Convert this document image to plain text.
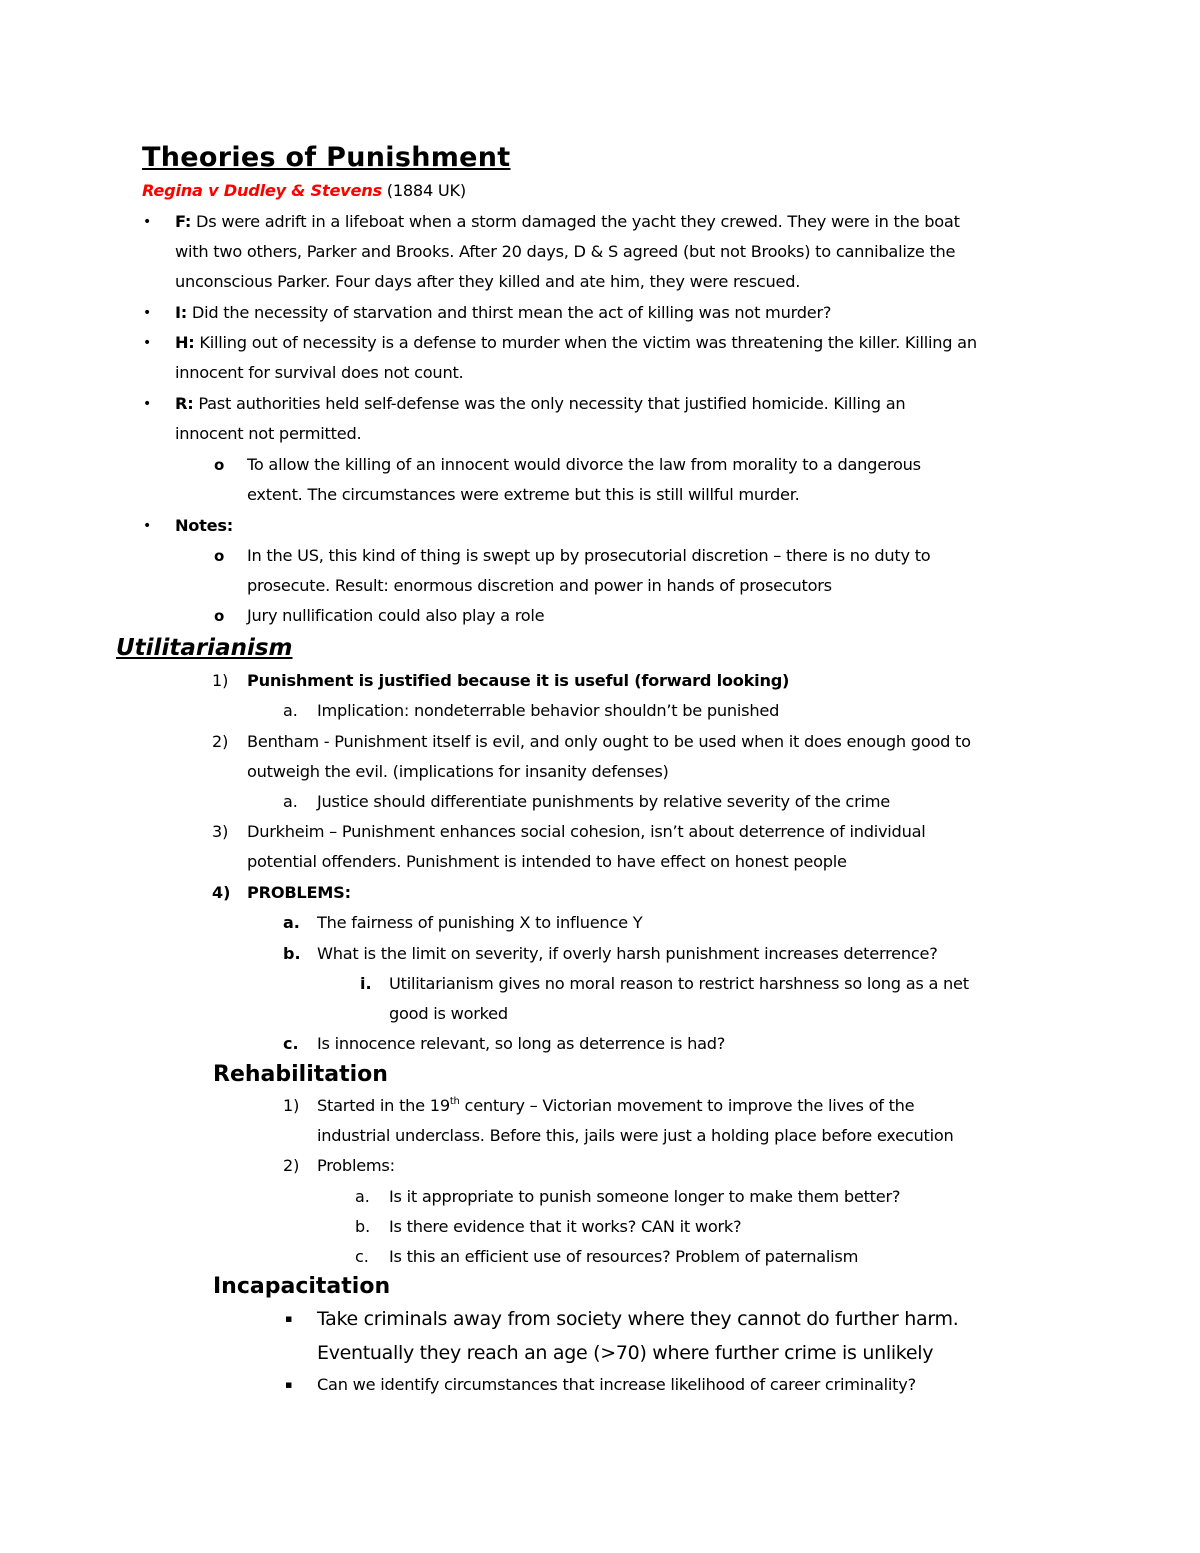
Theories of Punishment
Regina v Dudley & Stevens (1884 UK)
• F: Ds were adrift in a lifeboat when a storm damaged the yacht they crewed. They were in the boat
with two others, Parker and Brooks. After 20 days, D & S agreed (but not Brooks) to cannibalize the
unconscious Parker. Four days after they killed and ate him, they were rescued.
• I: Did the necessity of starvation and thirst mean the act of killing was not murder?
• H: Killing out of necessity is a defense to murder when the victim was threatening the killer. Killing an
innocent for survival does not count.
• R: Past authorities held self-defense was the only necessity that justified homicide. Killing an
innocent not permitted.
o To allow the killing of an innocent would divorce the law from morality to a dangerous
extent. The circumstances were extreme but this is still willful murder.
• Notes:
o In the US, this kind of thing is swept up by prosecutorial discretion – there is no duty to
prosecute. Result: enormous discretion and power in hands of prosecutors
o Jury nullification could also play a role
Utilitarianism
1) Punishment is justified because it is useful (forward looking)
a. Implication: nondeterrable behavior shouldn’t be punished
2) Bentham - Punishment itself is evil, and only ought to be used when it does enough good to
outweigh the evil. (implications for insanity defenses)
a. Justice should differentiate punishments by relative severity of the crime
3) Durkheim – Punishment enhances social cohesion, isn’t about deterrence of individual
potential offenders. Punishment is intended to have effect on honest people
4) PROBLEMS:
a. The fairness of punishing X to influence Y
b. What is the limit on severity, if overly harsh punishment increases deterrence?
i. Utilitarianism gives no moral reason to restrict harshness so long as a net
good is worked
c. Is innocence relevant, so long as deterrence is had?
Rehabilitation
1) Started in the 19th century – Victorian movement to improve the lives of the
industrial underclass. Before this, jails were just a holding place before execution
2) Problems:
a. Is it appropriate to punish someone longer to make them better?
b. Is there evidence that it works? CAN it work?
c. Is this an efficient use of resources? Problem of paternalism
Incapacitation
▪ Take criminals away from society where they cannot do further harm.
Eventually they reach an age (>70) where further crime is unlikely
▪ Can we identify circumstances that increase likelihood of career criminality?
